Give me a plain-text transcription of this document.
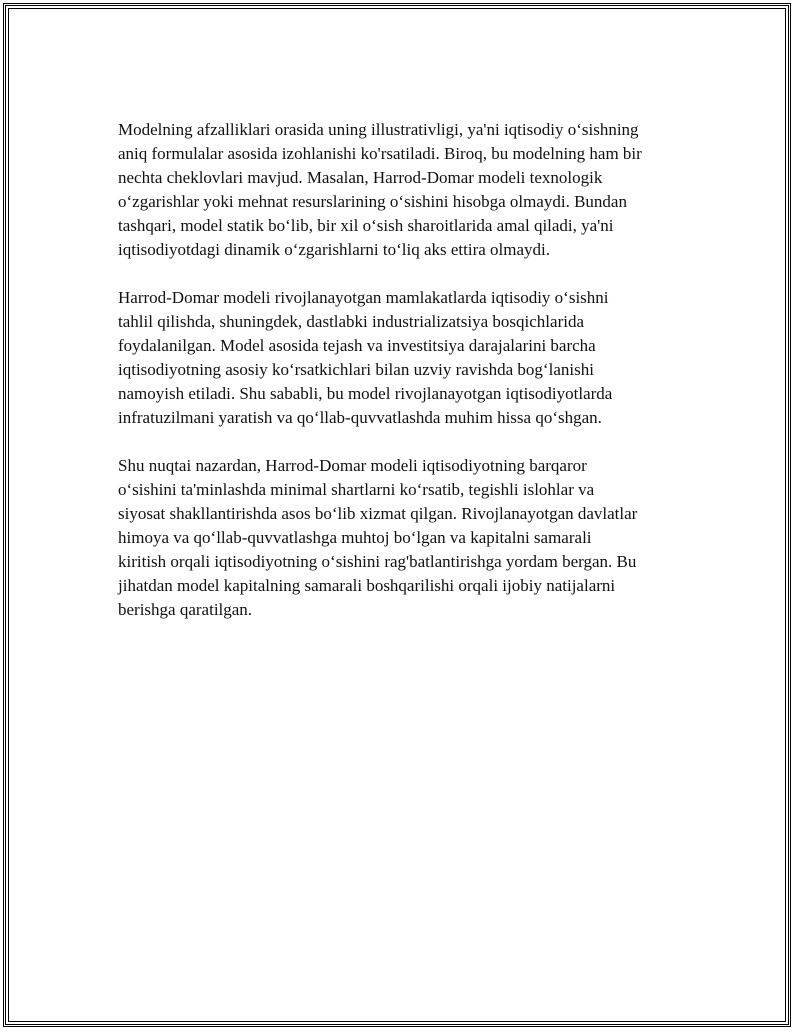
Modelning afzalliklari orasida uning illustrativligi, ya'ni iqtisodiy o‘sishning
aniq formulalar asosida izohlanishi ko'rsatiladi. Biroq, bu modelning ham bir
nechta cheklovlari mavjud. Masalan, Harrod-Domar modeli texnologik
o‘zgarishlar yoki mehnat resurslarining o‘sishini hisobga olmaydi. Bundan
tashqari, model statik bo‘lib, bir xil o‘sish sharoitlarida amal qiladi, ya'ni
iqtisodiyotdagi dinamik o‘zgarishlarni to‘liq aks ettira olmaydi.

Harrod-Domar modeli rivojlanayotgan mamlakatlarda iqtisodiy o‘sishni
tahlil qilishda, shuningdek, dastlabki industrializatsiya bosqichlarida
foydalanilgan. Model asosida tejash va investitsiya darajalarini barcha
iqtisodiyotning asosiy ko‘rsatkichlari bilan uzviy ravishda bog‘lanishi
namoyish etiladi. Shu sababli, bu model rivojlanayotgan iqtisodiyotlarda
infratuzilmani yaratish va qo‘llab-quvvatlashda muhim hissa qo‘shgan.

Shu nuqtai nazardan, Harrod-Domar modeli iqtisodiyotning barqaror
o‘sishini ta'minlashda minimal shartlarni ko‘rsatib, tegishli islohlar va
siyosat shakllantirishda asos bo‘lib xizmat qilgan. Rivojlanayotgan davlatlar
himoya va qo‘llab-quvvatlashga muhtoj bo‘lgan va kapitalni samarali
kiritish orqali iqtisodiyotning o‘sishini rag'batlantirishga yordam bergan. Bu
jihatdan model kapitalning samarali boshqarilishi orqali ijobiy natijalarni
berishga qaratilgan.
